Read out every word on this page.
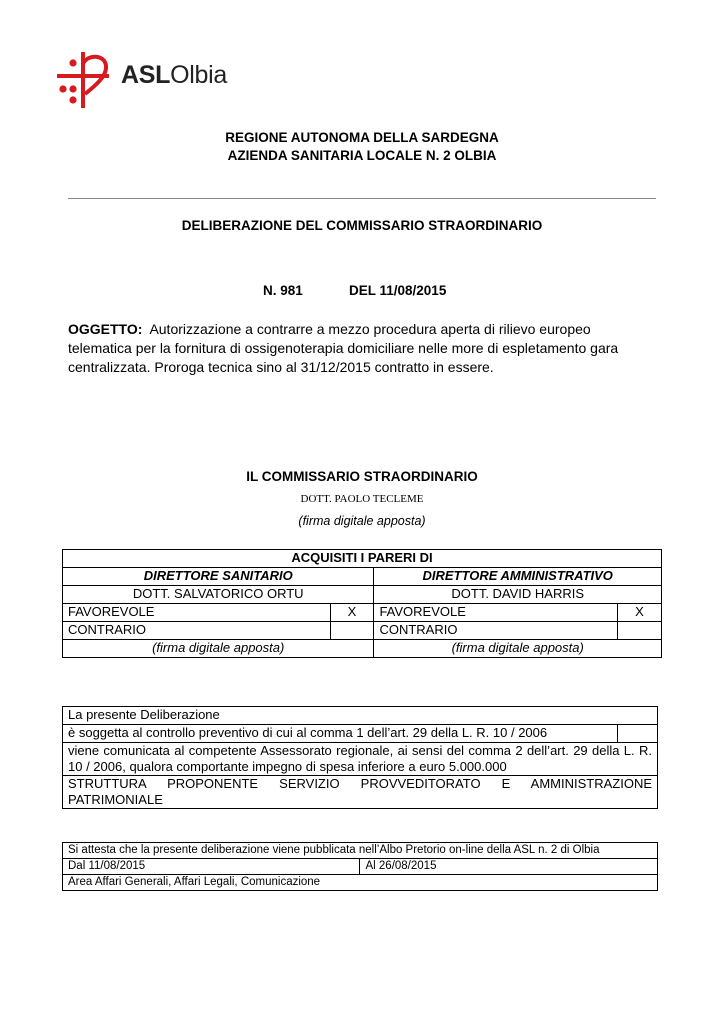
ASLOlbia
REGIONE AUTONOMA DELLA SARDEGNA
AZIENDA SANITARIA LOCALE N. 2 OLBIA
DELIBERAZIONE DEL COMMISSARIO STRAORDINARIO
N. 981	DEL 11/08/2015
OGGETTO: Autorizzazione a contrarre a mezzo procedura aperta di rilievo europeo telematica per la fornitura di ossigenoterapia domiciliare nelle more di espletamento gara centralizzata. Proroga tecnica sino al 31/12/2015 contratto in essere.
IL COMMISSARIO STRAORDINARIO
DOTT. PAOLO TECLEME
(firma digitale apposta)
ACQUISITI I PARERI DI			
DIRETTORE SANITARIO		DIRETTORE AMMINISTRATIVO	
DOTT. SALVATORICO ORTU		DOTT. DAVID HARRIS	
FAVOREVOLE	X	FAVOREVOLE	X
CONTRARIO		CONTRARIO	
(firma digitale apposta)		(firma digitale apposta)	
La presente Deliberazione
è soggetta al controllo preventivo di cui al comma 1 dell’art. 29 della L. R. 10 / 2006	
viene comunicata al competente Assessorato regionale, ai sensi del comma 2 dell’art. 29 della L. R. 10 / 2006, qualora comportante impegno di spesa inferiore a euro 5.000.000

STRUTTURA PROPONENTE SERVIZIO PROVVEDITORATO E AMMINISTRAZIONE
PATRIMONIALE
Si attesta che la presente deliberazione viene pubblicata nell’Albo Pretorio on-line della ASL n. 2 di Olbia
Dal 11/08/2015	Al 26/08/2015
Area Affari Generali, Affari Legali, Comunicazione
